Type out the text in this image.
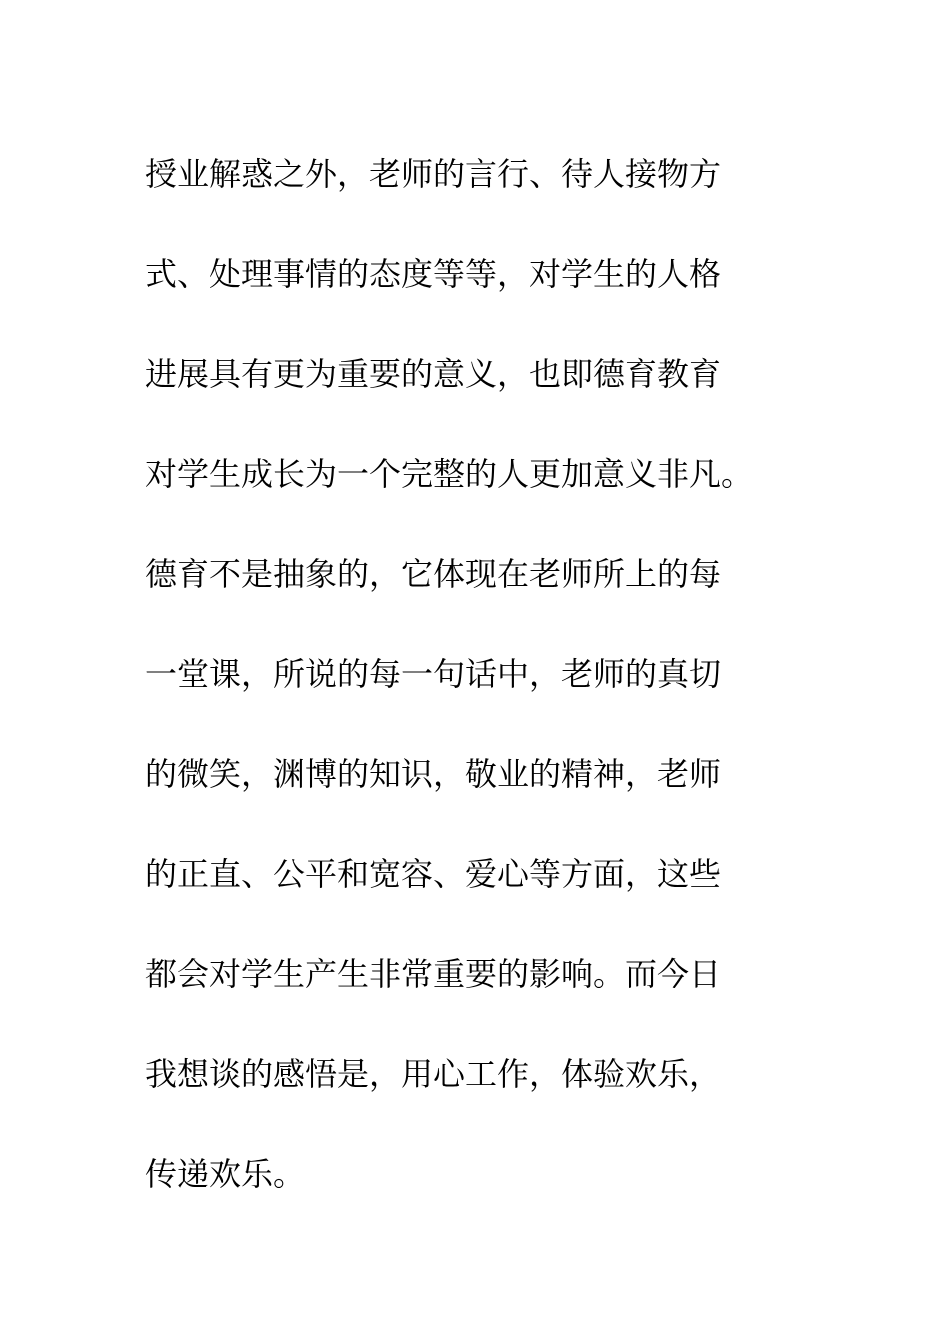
授业解惑之外，老师的言行、待人接物方
式、处理事情的态度等等，对学生的人格
进展具有更为重要的意义，也即德育教育
对学生成长为一个完整的人更加意义非凡。
德育不是抽象的，它体现在老师所上的每
一堂课，所说的每一句话中，老师的真切
的微笑，渊博的知识，敬业的精神，老师
的正直、公平和宽容、爱心等方面，这些
都会对学生产生非常重要的影响。而今日
我想谈的感悟是，用心工作，体验欢乐，
传递欢乐。
